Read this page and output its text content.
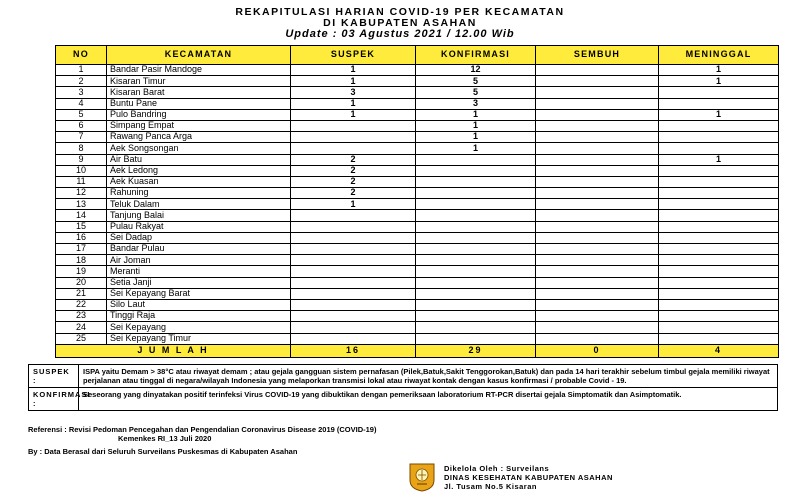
REKAPITULASI HARIAN COVID-19 PER KECAMATAN
DI KABUPATEN ASAHAN
Update : 03 Agustus 2021 / 12.00 Wib
NO	KECAMATAN	SUSPEK	KONFIRMASI	SEMBUH	MENINGGAL
1	Bandar Pasir Mandoge	1	12		1
2	Kisaran Timur	1	5		1
3	Kisaran Barat	3	5		
4	Buntu Pane	1	3		
5	Pulo Bandring	1	1		1
6	Simpang Empat		1		
7	Rawang Panca Arga		1		
8	Aek Songsongan		1		
9	Air Batu	2			1
10	Aek Ledong	2			
11	Aek Kuasan	2			
12	Rahuning	2			
13	Teluk Dalam	1			
14	Tanjung Balai				
15	Pulau Rakyat				
16	Sei Dadap				
17	Bandar Pulau				
18	Air Joman				
19	Meranti				
20	Setia Janji				
21	Sei Kepayang Barat				
22	Silo Laut				
23	Tinggi Raja				
24	Sei Kepayang				
25	Sei Kepayang Timur				
J U M L A H		16	29	0	4
SUSPEK :	ISPA yaitu Demam > 38°C atau riwayat demam ; atau gejala gangguan sistem pernafasan (Pilek,Batuk,Sakit Tenggorokan,Batuk) dan pada 14 hari terakhir sebelum timbul gejala memiliki riwayat perjalanan atau tinggal di negara/wilayah Indonesia yang melaporkan transmisi lokal atau riwayat kontak dengan kasus konfirmasi / probable Covid - 19.
KONFIRMASI :	Seseorang yang dinyatakan positif terinfeksi Virus COVID-19 yang dibuktikan dengan pemeriksaan laboratorium RT-PCR disertai gejala Simptomatik dan Asimptomatik.
Referensi : Revisi Pedoman Pencegahan dan Pengendalian Coronavirus Disease 2019 (COVID-19)
Kemenkes RI_13 Juli 2020
By : Data Berasal dari Seluruh Surveilans Puskesmas di Kabupaten Asahan
Dikelola Oleh : Surveilans
DINAS KESEHATAN KABUPATEN ASAHAN
Jl. Tusam No.5 Kisaran
